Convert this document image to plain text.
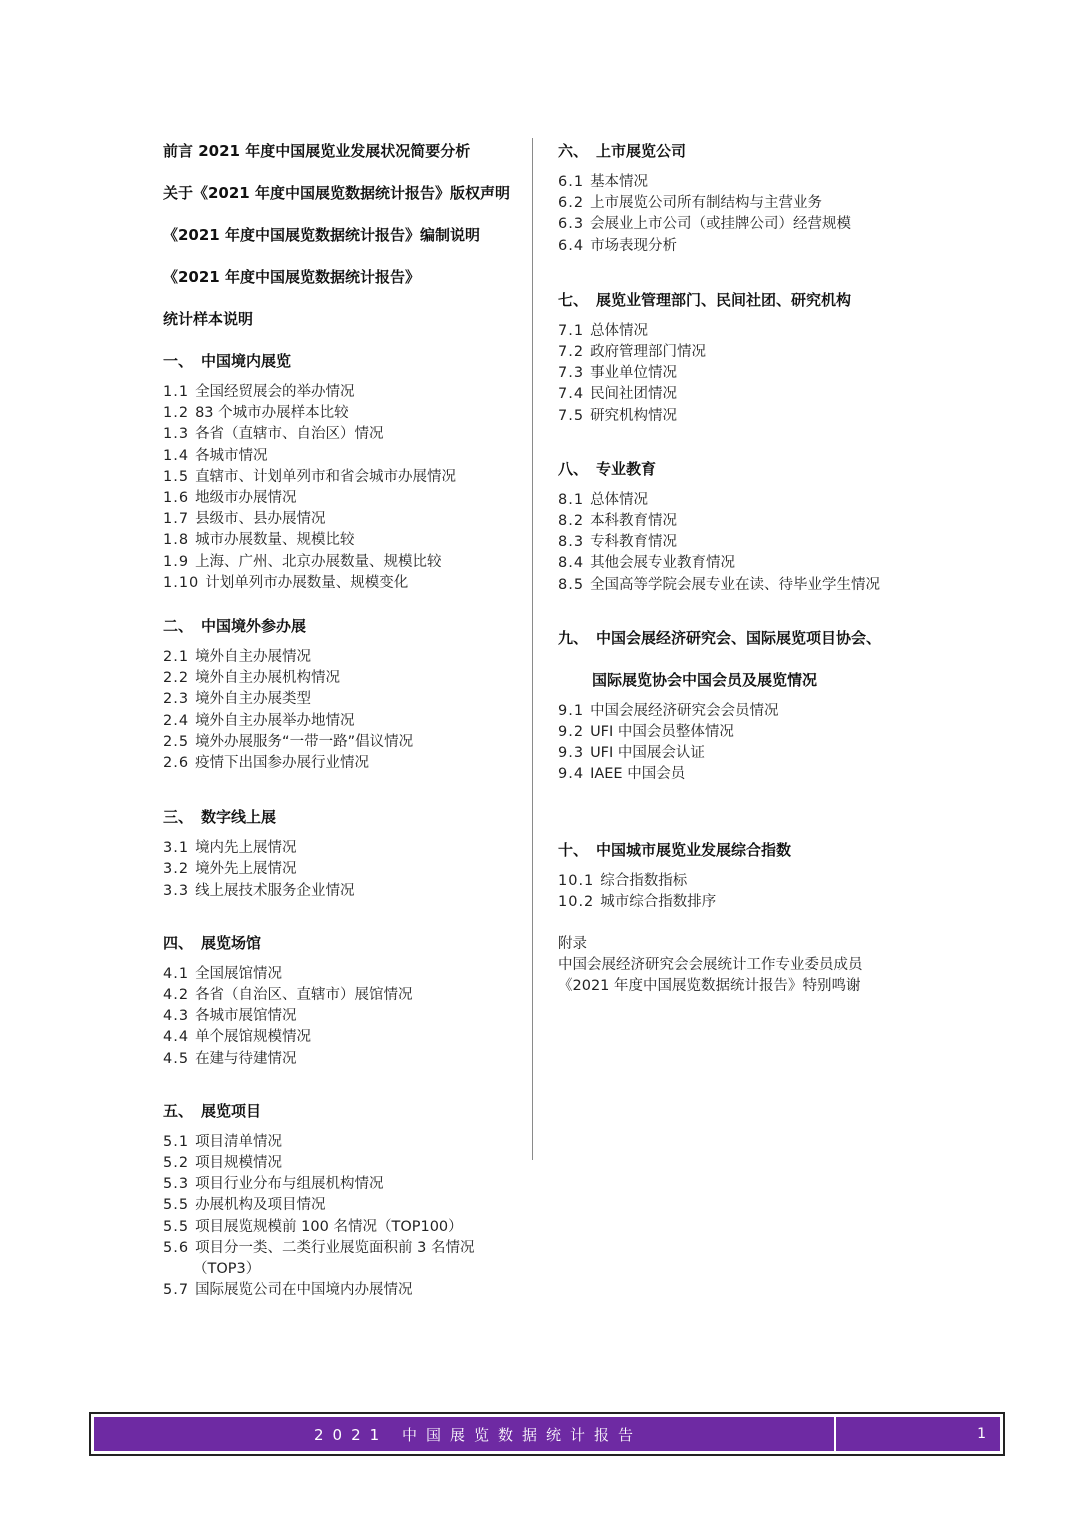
前言 2021 年度中国展览业发展状况简要分析
关于《2021 年度中国展览数据统计报告》版权声明
《2021 年度中国展览数据统计报告》编制说明
《2021 年度中国展览数据统计报告》
统计样本说明
一、 中国境内展览
1.1 全国经贸展会的举办情况
1.2 83 个城市办展样本比较
1.3 各省（直辖市、自治区）情况
1.4 各城市情况
1.5 直辖市、计划单列市和省会城市办展情况
1.6 地级市办展情况
1.7 县级市、县办展情况
1.8 城市办展数量、规模比较
1.9 上海、广州、北京办展数量、规模比较
1.10 计划单列市办展数量、规模变化
二、 中国境外参办展
2.1 境外自主办展情况
2.2 境外自主办展机构情况
2.3 境外自主办展类型
2.4 境外自主办展举办地情况
2.5 境外办展服务“一带一路”倡议情况
2.6 疫情下出国参办展行业情况
三、 数字线上展
3.1 境内先上展情况
3.2 境外先上展情况
3.3 线上展技术服务企业情况
四、 展览场馆
4.1 全国展馆情况
4.2 各省（自治区、直辖市）展馆情况
4.3 各城市展馆情况
4.4 单个展馆规模情况
4.5 在建与待建情况
五、 展览项目
5.1 项目清单情况
5.2 项目规模情况
5.3 项目行业分布与组展机构情况
5.5 办展机构及项目情况
5.5 项目展览规模前 100 名情况（TOP100）
5.6 项目分一类、二类行业展览面积前 3 名情况
（TOP3）
5.7 国际展览公司在中国境内办展情况
六、 上市展览公司
6.1 基本情况
6.2 上市展览公司所有制结构与主营业务
6.3 会展业上市公司（或挂牌公司）经营规模
6.4 市场表现分析
七、 展览业管理部门、民间社团、研究机构
7.1 总体情况
7.2 政府管理部门情况
7.3 事业单位情况
7.4 民间社团情况
7.5 研究机构情况
八、 专业教育
8.1 总体情况
8.2 本科教育情况
8.3 专科教育情况
8.4 其他会展专业教育情况
8.5 全国高等学院会展专业在读、待毕业学生情况
九、 中国会展经济研究会、国际展览项目协会、
国际展览协会中国会员及展览情况
9.1 中国会展经济研究会会员情况
9.2 UFI 中国会员整体情况
9.3 UFI 中国展会认证
9.4 IAEE 中国会员
十、 中国城市展览业发展综合指数
10.1 综合指数指标
10.2 城市综合指数排序
附录
中国会展经济研究会会展统计工作专业委员成员
《2021 年度中国展览数据统计报告》特别鸣谢
2021 中国展览数据统计报告	1
